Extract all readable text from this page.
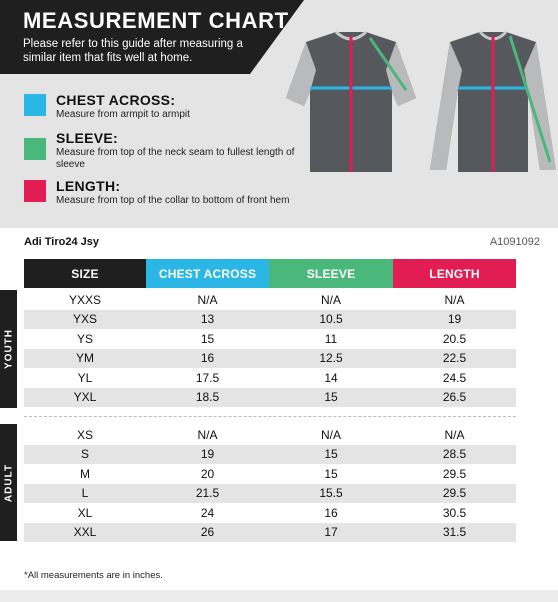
MEASUREMENT CHART
Please refer to this guide after measuring a similar item that fits well at home.
CHEST ACROSS:
Measure from armpit to armpit
SLEEVE:
Measure from top of the neck seam to fullest length of sleeve
LENGTH:
Measure from top of the collar to bottom of front hem
Adi Tiro24 Jsy	A1091092
SIZE	CHEST ACROSS	SLEEVE	LENGTH
YOUTH
YXXS	N/A	N/A	N/A
YXS	13	10.5	19
YS	15	11	20.5
YM	16	12.5	22.5
YL	17.5	14	24.5
YXL	18.5	15	26.5
ADULT
XS	N/A	N/A	N/A
S	19	15	28.5
M	20	15	29.5
L	21.5	15.5	29.5
XL	24	16	30.5
XXL	26	17	31.5
*All measurements are in inches.
